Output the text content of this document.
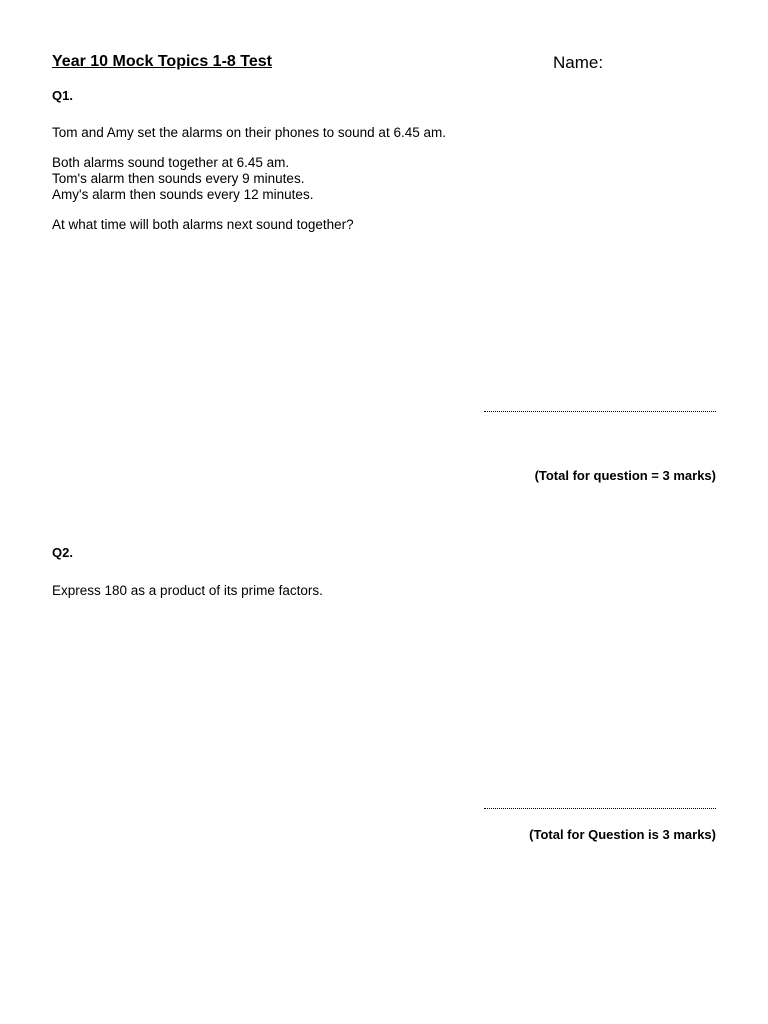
Year 10 Mock Topics 1-8 Test	Name:
Q1.
Tom and Amy set the alarms on their phones to sound at 6.45 am.
Both alarms sound together at 6.45 am.
Tom's alarm then sounds every 9 minutes.
Amy's alarm then sounds every 12 minutes.
At what time will both alarms next sound together?
(Total for question = 3 marks)
Q2.
Express 180 as a product of its prime factors.
(Total for Question is 3 marks)
